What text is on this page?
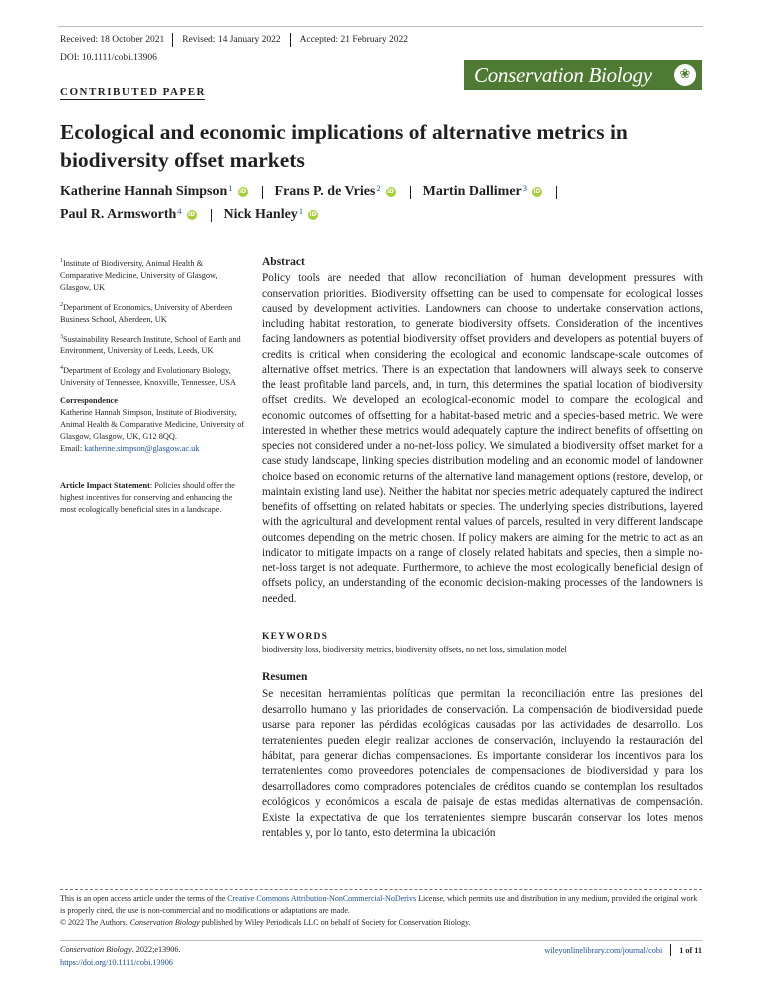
Received: 18 October 2021 Revised: 14 January 2022 Accepted: 21 February 2022
DOI: 10.1111/cobi.13906
Conservation Biology	❀
CONTRIBUTED PAPER
Ecological and economic implications of alternative metrics in biodiversity offset markets
Katherine Hannah Simpson$^1$ iD Frans P. de Vries$^2$ iD Martin Dallimer$^3$ iD
Paul R. Armsworth$^4$ iD Nick Hanley$^1$ iD
$^1$Institute of Biodiversity, Animal Health & Comparative Medicine, University of Glasgow, Glasgow, UK
$^2$Department of Economics, University of Aberdeen Business School, Aberdeen, UK
$^3$Sustainability Research Institute, School of Earth and Environment, University of Leeds, Leeds, UK
$^4$Department of Ecology and Evolutionary Biology, University of Tennessee, Knoxville, Tennessee, USA
Correspondence
Katherine Hannah Simpson, Institute of Biodiversity, Animal Health & Comparative Medicine, University of Glasgow, Glasgow, UK, G12 8QQ.
Email: katherine.simpson@glasgow.ac.uk
Article Impact Statement: Policies should offer the highest incentives for conserving and enhancing the most ecologically beneficial sites in a landscape.
Abstract

Policy tools are needed that allow reconciliation of human development pressures with conservation priorities. Biodiversity offsetting can be used to compensate for ecological losses caused by development activities. Landowners can choose to undertake conservation actions, including habitat restoration, to generate biodiversity offsets. Consideration of the incentives facing landowners as potential biodiversity offset providers and developers as potential buyers of credits is critical when considering the ecological and economic landscape-scale outcomes of alternative offset metrics. There is an expectation that landowners will always seek to conserve the least profitable land parcels, and, in turn, this determines the spatial location of biodiversity offset credits. We developed an ecological-economic model to compare the ecological and economic outcomes of offsetting for a habitat-based metric and a species-based metric. We were interested in whether these metrics would adequately capture the indirect benefits of offsetting on species not considered under a no-net-loss policy. We simulated a biodiversity offset market for a case study landscape, linking species distribution modeling and an economic model of landowner choice based on economic returns of the alternative land management options (restore, develop, or maintain existing land use). Neither the habitat nor species metric adequately captured the indirect benefits of offsetting on related habitats or species. The underlying species distributions, layered with the agricultural and development rental values of parcels, resulted in very different landscape outcomes depending on the metric chosen. If policy makers are aiming for the metric to act as an indicator to mitigate impacts on a range of closely related habitats and species, then a simple no-net-loss target is not adequate. Furthermore, to achieve the most ecologically beneficial design of offsets policy, an understanding of the economic decision-making processes of the landowners is needed.

KEYWORDS
biodiversity loss, biodiversity metrics, biodiversity offsets, no net loss, simulation model
Resumen

Se necesitan herramientas políticas que permitan la reconciliación entre las presiones del desarrollo humano y las prioridades de conservación. La compensación de biodiversidad puede usarse para reponer las pérdidas ecológicas causadas por las actividades de desarrollo. Los terratenientes pueden elegir realizar acciones de conservación, incluyendo la restauración del hábitat, para generar dichas compensaciones. Es importante considerar los incentivos para los terratenientes como proveedores potenciales de compensaciones de biodiversidad y para los desarrolladores como compradores potenciales de créditos cuando se contemplan los resultados ecológicos y económicos a escala de paisaje de estas medidas alternativas de compensación. Existe la expectativa de que los terratenientes siempre buscarán conservar los lotes menos rentables y, por lo tanto, esto determina la ubicación

This is an open access article under the terms of the Creative Commons Attribution-NonCommercial-NoDerivs License, which permits use and distribution in any medium, provided the original work is properly cited, the use is non-commercial and no modifications or adaptations are made.
© 2022 The Authors. Conservation Biology published by Wiley Periodicals LLC on behalf of Society for Conservation Biology.
Conservation Biology. 2022;e13906.
https://doi.org/10.1111/cobi.13906
wileyonlinelibrary.com/journal/cobi 1 of 11
